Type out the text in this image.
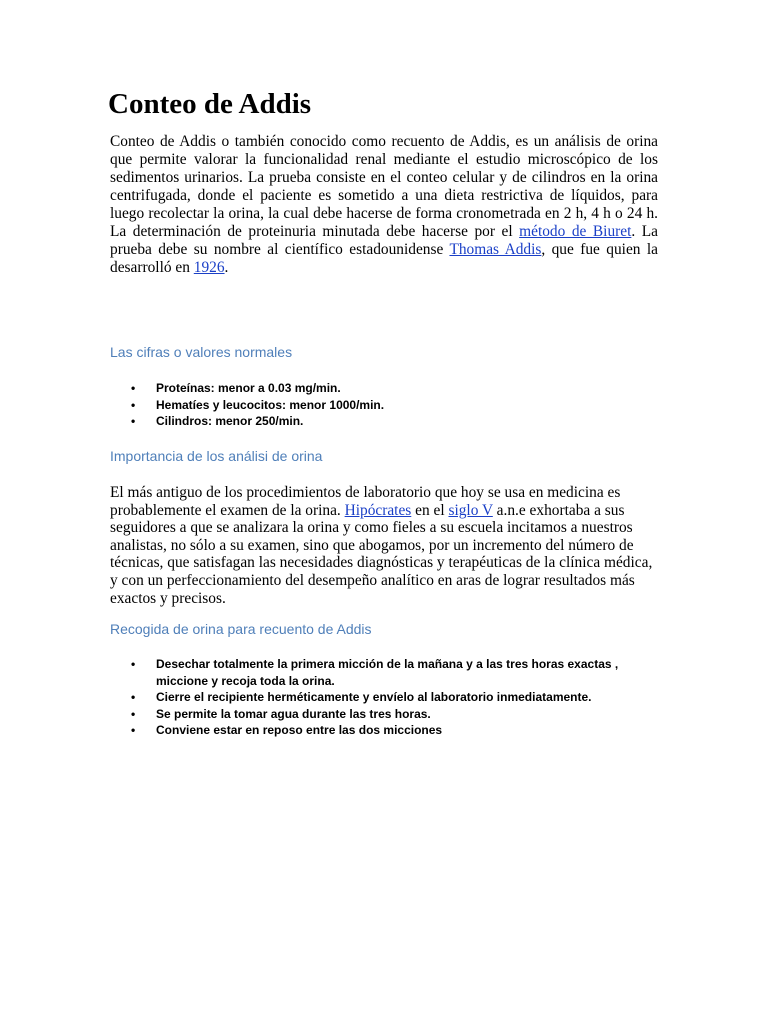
Conteo de Addis

Conteo de Addis o también conocido como recuento de Addis, es un análisis de orina que permite valorar la funcionalidad renal mediante el estudio microscópico de los sedimentos urinarios. La prueba consiste en el conteo celular y de cilindros en la orina centrifugada, donde el paciente es sometido a una dieta restrictiva de líquidos, para luego recolectar la orina, la cual debe hacerse de forma cronometrada en 2 h, 4 h o 24 h. La determinación de proteinuria minutada debe hacerse por el método de Biuret. La prueba debe su nombre al científico estadounidense Thomas Addis, que fue quien la desarrolló en 1926.

Las cifras o valores normales
• Proteínas: menor a 0.03 mg/min.
• Hematíes y leucocitos: menor 1000/min.
• Cilindros: menor 250/min.
Importancia de los análisi de orina

El más antiguo de los procedimientos de laboratorio que hoy se usa en medicina es probablemente el examen de la orina. Hipócrates en el siglo V a.n.e exhortaba a sus seguidores a que se analizara la orina y como fieles a su escuela incitamos a nuestros analistas, no sólo a su examen, sino que abogamos, por un incremento del número de técnicas, que satisfagan las necesidades diagnósticas y terapéuticas de la clínica médica, y con un perfeccionamiento del desempeño analítico en aras de lograr resultados más exactos y precisos.

Recogida de orina para recuento de Addis
• Desechar totalmente la primera micción de la mañana y a las tres horas exactas , miccione y recoja toda la orina.
• Cierre el recipiente herméticamente y envíelo al laboratorio inmediatamente.
• Se permite la tomar agua durante las tres horas.
• Conviene estar en reposo entre las dos micciones
